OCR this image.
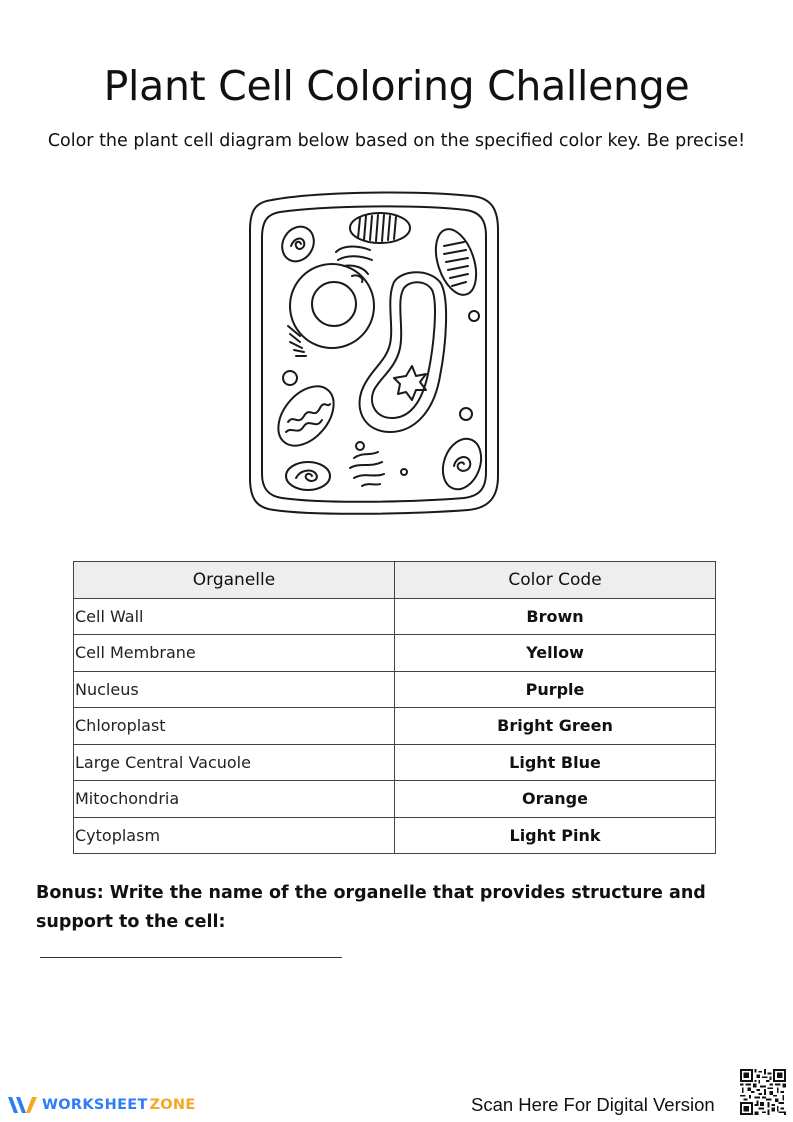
Plant Cell Coloring Challenge

Color the plant cell diagram below based on the specified color key. Be precise!

Organelle	Color Code
Cell Wall	Brown
Cell Membrane	Yellow
Nucleus	Purple
Chloroplast	Bright Green
Large Central Vacuole	Light Blue
Mitochondria	Orange
Cytoplasm	Light Pink

Bonus: Write the name of the organelle that provides structure and support to the cell:

WORKSHEET  ZONE	Scan Here For Digital Version
